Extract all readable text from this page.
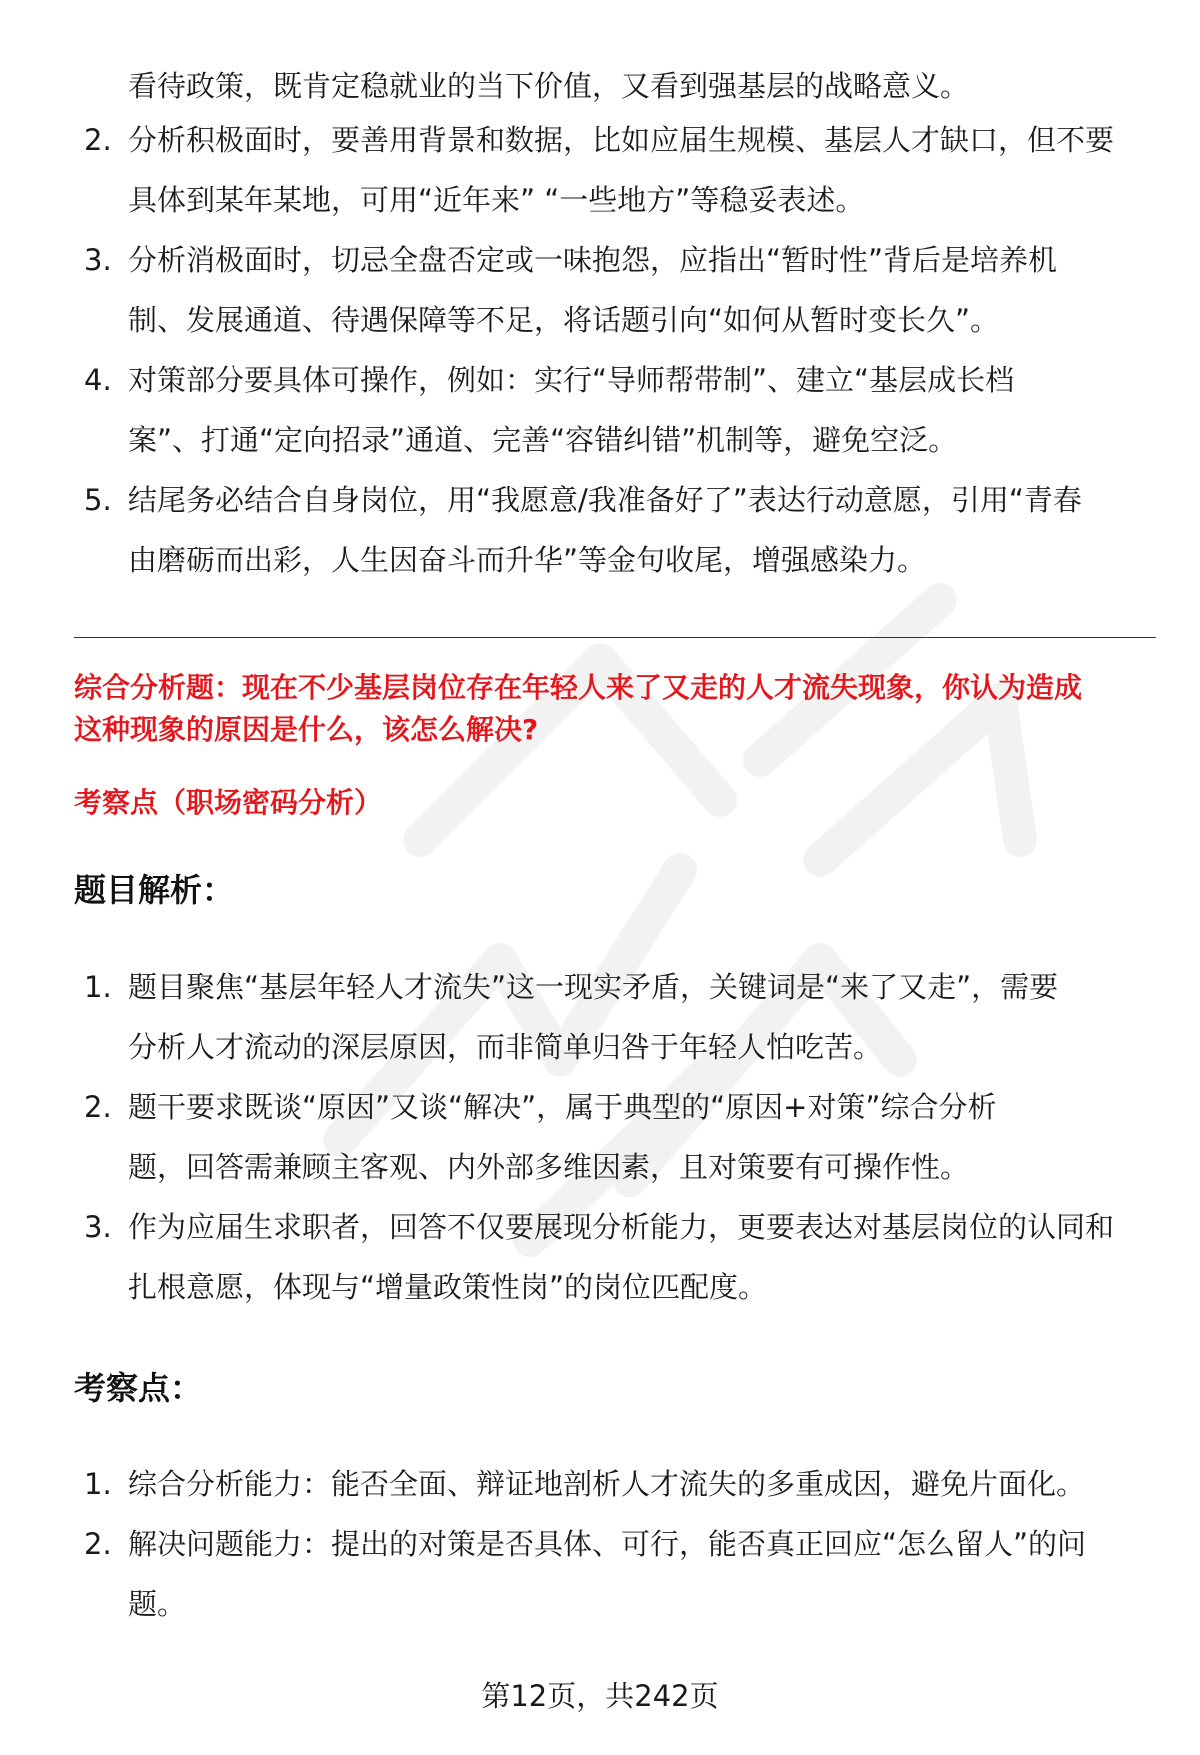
看待政策，既肯定稳就业的当下价值，又看到强基层的战略意义。

2. 分析积极面时，要善用背景和数据，比如应届生规模、基层人才缺口，但不要
具体到某年某地，可用“近年来” “一些地方”等稳妥表述。
3. 分析消极面时，切忌全盘否定或一味抱怨，应指出“暂时性”背后是培养机
制、发展通道、待遇保障等不足，将话题引向“如何从暂时变长久”。
4. 对策部分要具体可操作，例如：实行“导师帮带制”、建立“基层成长档
案”、打通“定向招录”通道、完善“容错纠错”机制等，避免空泛。
5. 结尾务必结合自身岗位，用“我愿意/我准备好了”表达行动意愿，引用“青春
由磨砺而出彩，人生因奋斗而升华”等金句收尾，增强感染力。

综合分析题：现在不少基层岗位存在年轻人来了又走的人才流失现象，你认为造成
这种现象的原因是什么，该怎么解决?

考察点（职场密码分析）

题目解析：
1. 题目聚焦“基层年轻人才流失”这一现实矛盾，关键词是“来了又走”，需要
分析人才流动的深层原因，而非简单归咎于年轻人怕吃苦。
2. 题干要求既谈“原因”又谈“解决”，属于典型的“原因+对策”综合分析
题，回答需兼顾主客观、内外部多维因素，且对策要有可操作性。
3. 作为应届生求职者，回答不仅要展现分析能力，更要表达对基层岗位的认同和
扎根意愿，体现与“增量政策性岗”的岗位匹配度。
考察点：
1. 综合分析能力：能否全面、辩证地剖析人才流失的多重成因，避免片面化。
2. 解决问题能力：提出的对策是否具体、可行，能否真正回应“怎么留人”的问
题。
第12页，共242页
